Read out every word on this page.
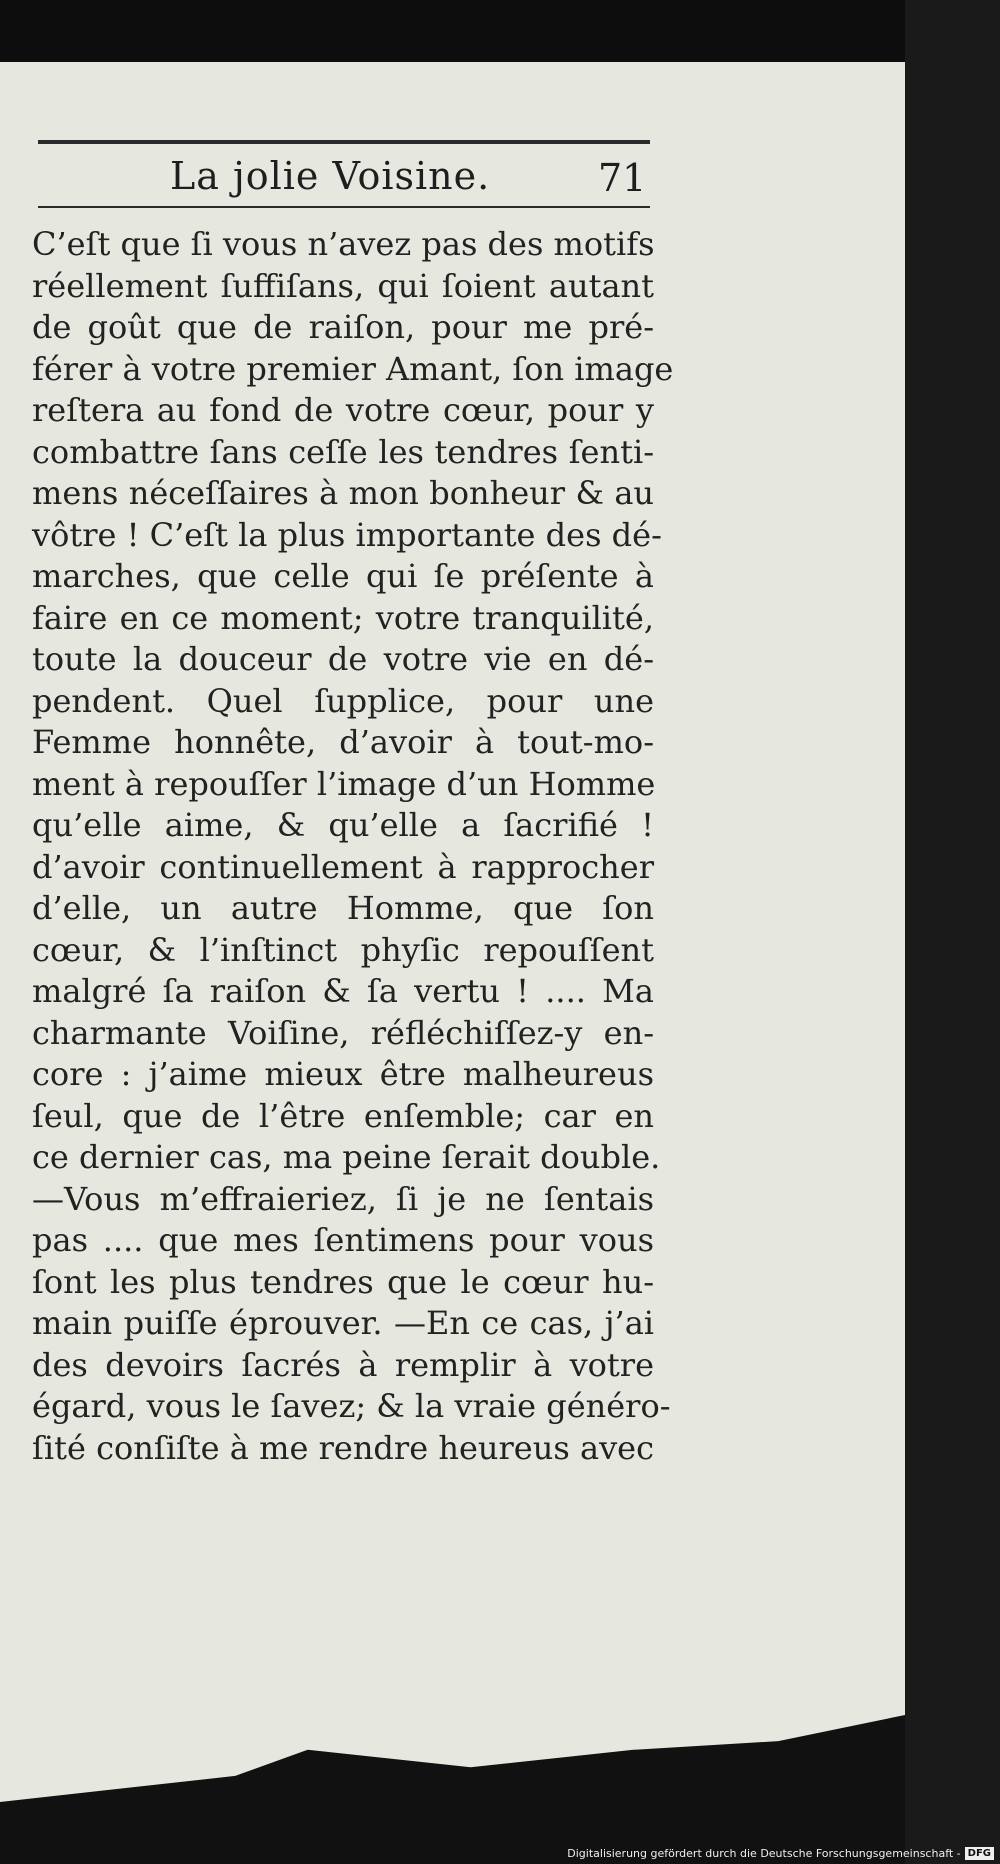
La jolie Voisine.	71
C’eſt que ſi vous n’avez pas des motifs
réellement ſuffiſans, qui ſoient autant
de goût que de raiſon, pour me pré-
férer à votre premier Amant, ſon image
reſtera au fond de votre cœur, pour y
combattre ſans ceſſe les tendres ſenti-
mens néceſſaires à mon bonheur & au
vôtre ! C’eſt la plus importante des dé-
marches, que celle qui ſe préſente à
faire en ce moment; votre tranquilité,
toute la douceur de votre vie en dé-
pendent. Quel ſupplice, pour une
Femme honnête, d’avoir à tout-mo-
ment à repouſſer l’image d’un Homme
qu’elle aime, & qu’elle a ſacrifié !
d’avoir continuellement à rapprocher
d’elle, un autre Homme, que ſon
cœur, & l’inſtinct phyſic repouſſent
malgré ſa raiſon & ſa vertu ! .... Ma
charmante Voiſine, réfléchiſſez-y en-
core : j’aime mieux être malheureus
ſeul, que de l’être enſemble; car en
ce dernier cas, ma peine ſerait double.
—Vous m’effraieriez, ſi je ne ſentais
pas .... que mes ſentimens pour vous
ſont les plus tendres que le cœur hu-
main puiſſe éprouver. —En ce cas, j’ai
des devoirs ſacrés à remplir à votre
égard, vous le ſavez; & la vraie généro-
ſité conſiſte à me rendre heureus avec
Digitalisierung gefördert durch die Deutsche Forschungsgemeinschaft - DFG
